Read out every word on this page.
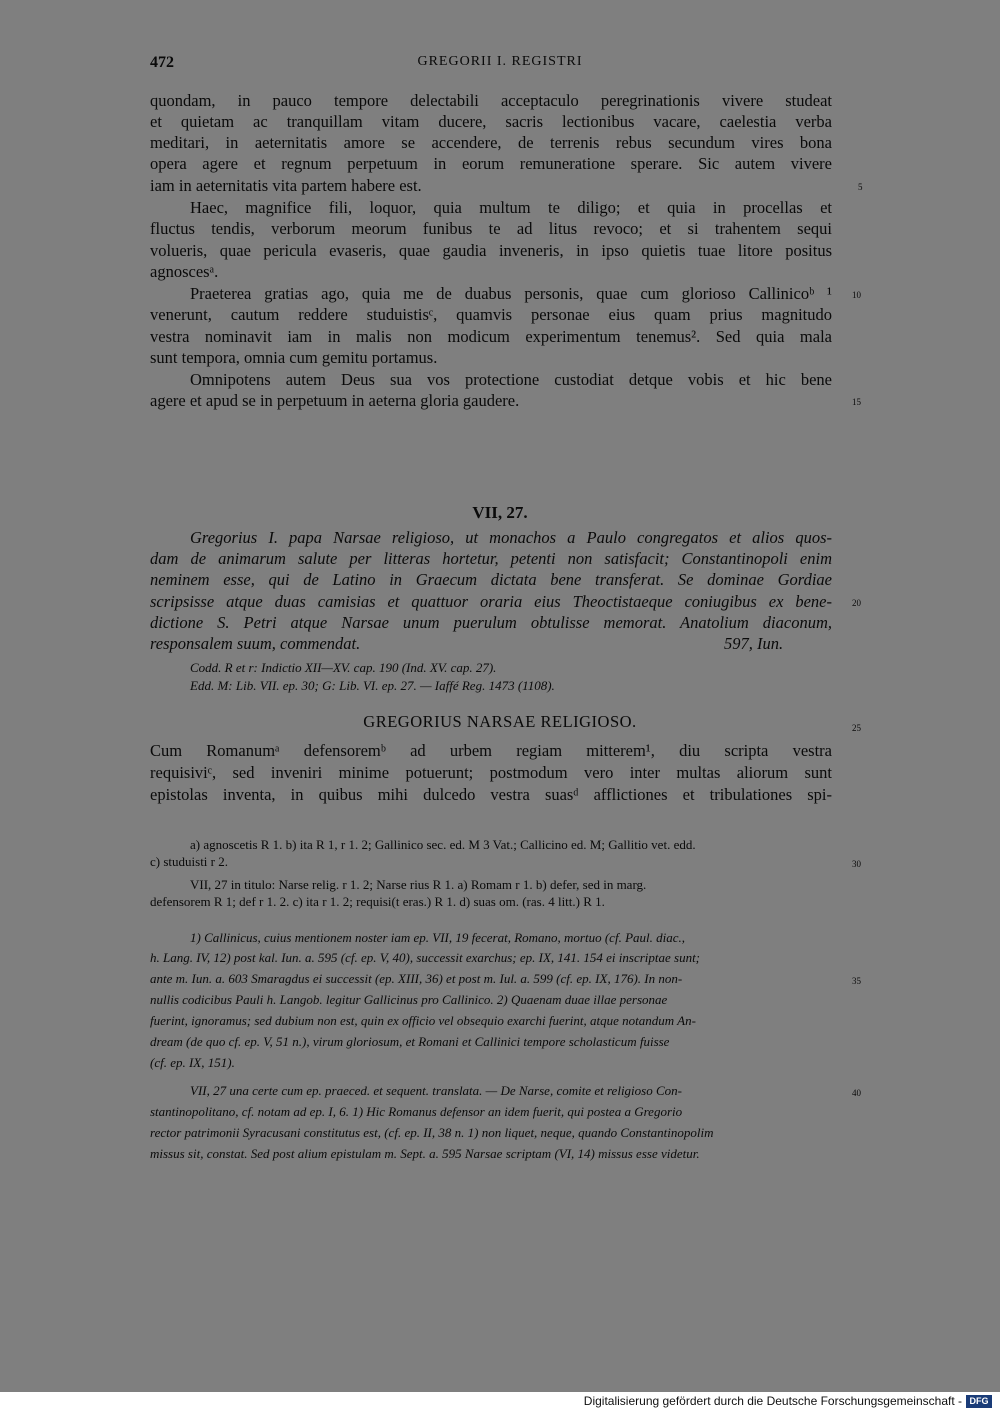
472	GREGORII I. REGISTRI
quondam, in pauco tempore delectabili acceptaculo peregrinationis vivere studeat
et quietam ac tranquillam vitam ducere, sacris lectionibus vacare, caelestia verba
meditari, in aeternitatis amore se accendere, de terrenis rebus secundum vires bona
opera agere et regnum perpetuum in eorum remuneratione sperare. Sic autem vivere
iam in aeternitatis vita partem habere est.
Haec, magnifice fili, loquor, quia multum te diligo; et quia in procellas et
fluctus tendis, verborum meorum funibus te ad litus revoco; et si trahentem sequi
volueris, quae pericula evaseris, quae gaudia inveneris, in ipso quietis tuae litore positus
agnoscesᵃ.
Praeterea gratias ago, quia me de duabus personis, quae cum glorioso Callinicoᵇ ¹
venerunt, cautum reddere studuistisᶜ, quamvis personae eius quam prius magnitudo
vestra nominavit iam in malis non modicum experimentum tenemus². Sed quia mala
sunt tempora, omnia cum gemitu portamus.
Omnipotens autem Deus sua vos protectione custodiat detque vobis et hic bene
agere et apud se in perpetuum in aeterna gloria gaudere.
5
10
15
20
25
30
35
40
VII, 27.
Gregorius I. papa Narsae religioso, ut monachos a Paulo congregatos et alios quos-
dam de animarum salute per litteras hortetur, petenti non satisfacit; Constantinopoli enim
neminem esse, qui de Latino in Graecum dictata bene transferat. Se dominae Gordiae
scripsisse atque duas camisias et quattuor oraria eius Theoctistaeque coniugibus ex bene-
dictione S. Petri atque Narsae unum puerulum obtulisse memorat. Anatolium diaconum,
responsalem suum, commendat.	597, Iun.
Codd. R et r: Indictio XII—XV. cap. 190 (Ind. XV. cap. 27).
Edd. M: Lib. VII. ep. 30; G: Lib. VI. ep. 27. — Iaffé Reg. 1473 (1108).
GREGORIUS NARSAE RELIGIOSO.
Cum Romanumᵃ defensoremᵇ ad urbem regiam mitterem¹, diu scripta vestra
requisiviᶜ, sed inveniri minime potuerunt; postmodum vero inter multas aliorum sunt
epistolas inventa, in quibus mihi dulcedo vestra suasᵈ afflictiones et tribulationes spi-
a) agnoscetis R 1. b) ita R 1, r 1. 2; Gallinico sec. ed. M 3 Vat.; Callicino ed. M; Gallitio vet. edd.
c) studuisti r 2.
VII, 27 in titulo: Narse relig. r 1. 2; Narse rius R 1. a) Romam r 1. b) defer, sed in marg.
defensorem R 1; def r 1. 2. c) ita r 1. 2; requisi(t eras.) R 1. d) suas om. (ras. 4 litt.) R 1.
1) Callinicus, cuius mentionem noster iam ep. VII, 19 fecerat, Romano, mortuo (cf. Paul. diac.,
h. Lang. IV, 12) post kal. Iun. a. 595 (cf. ep. V, 40), successit exarchus; ep. IX, 141. 154 ei inscriptae sunt;
ante m. Iun. a. 603 Smaragdus ei successit (ep. XIII, 36) et post m. Iul. a. 599 (cf. ep. IX, 176). In non-
nullis codicibus Pauli h. Langob. legitur Gallicinus pro Callinico. 2) Quaenam duae illae personae
fuerint, ignoramus; sed dubium non est, quin ex officio vel obsequio exarchi fuerint, atque notandum An-
dream (de quo cf. ep. V, 51 n.), virum gloriosum, et Romani et Callinici tempore scholasticum fuisse
(cf. ep. IX, 151).
VII, 27 una certe cum ep. praeced. et sequent. translata. — De Narse, comite et religioso Con-
stantinopolitano, cf. notam ad ep. I, 6. 1) Hic Romanus defensor an idem fuerit, qui postea a Gregorio
rector patrimonii Syracusani constitutus est, (cf. ep. II, 38 n. 1) non liquet, neque, quando Constantinopolim
missus sit, constat. Sed post alium epistulam m. Sept. a. 595 Narsae scriptam (VI, 14) missus esse videtur.
Digitalisierung gefördert durch die Deutsche Forschungsgemeinschaft - DFG
